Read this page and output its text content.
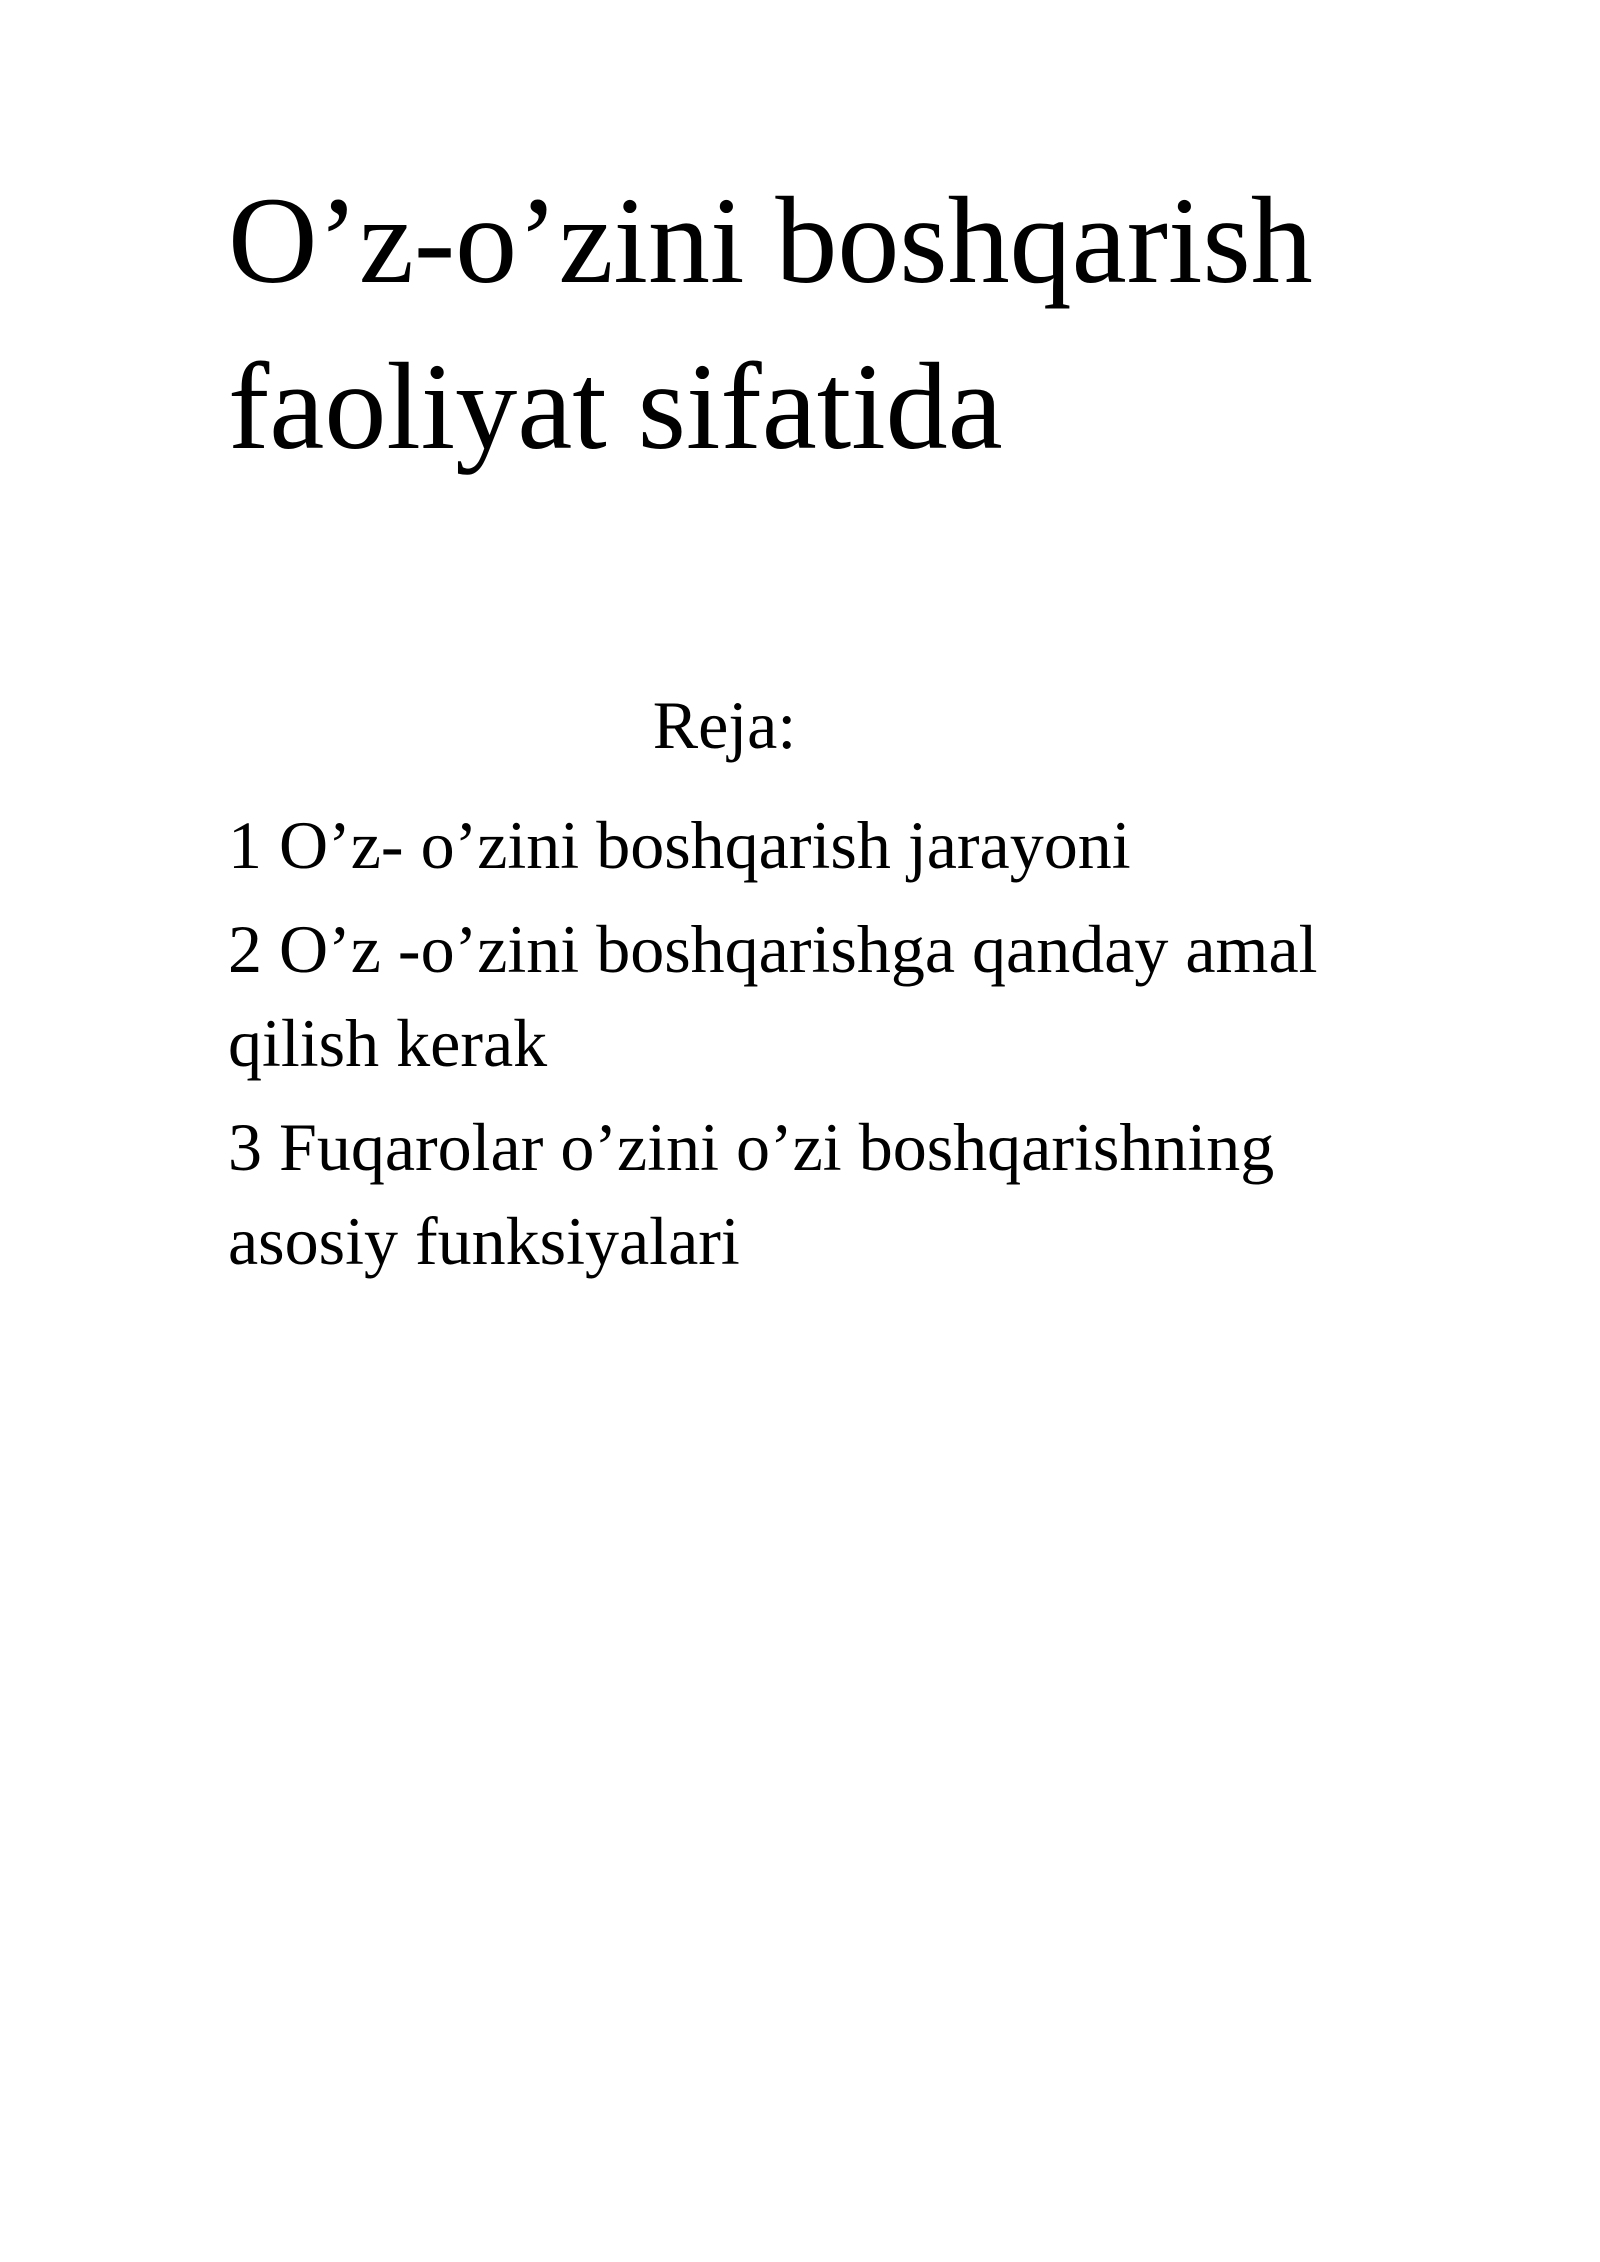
O’z-o’zini boshqarish
faoliyat sifatida
Reja:
1 O’z- o’zini boshqarish jarayoni
2 O’z -o’zini boshqarishga qanday amal
qilish kerak
3 Fuqarolar o’zini o’zi boshqarishning
asosiy funksiyalari
